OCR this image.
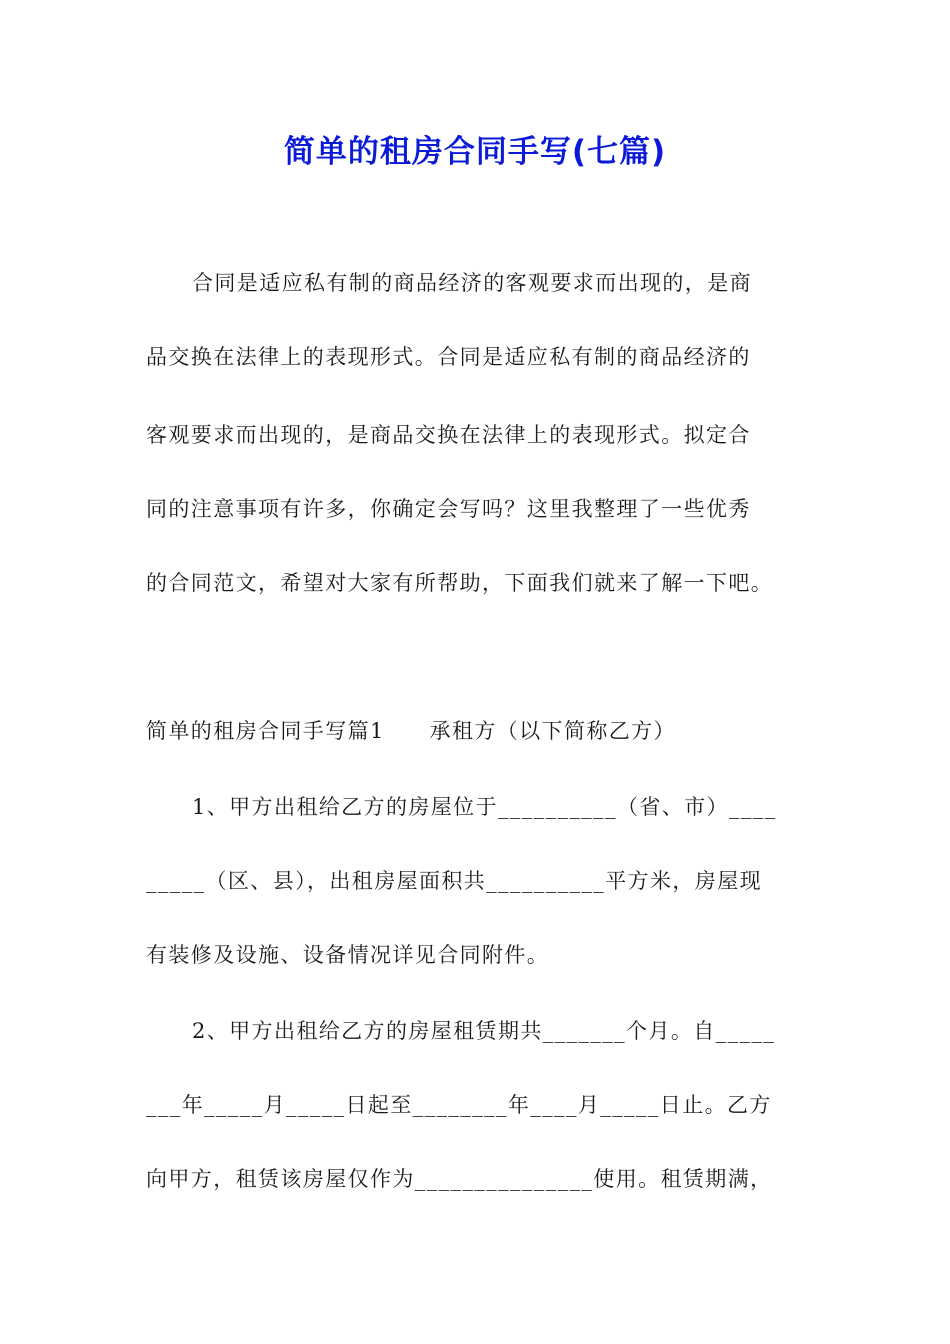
简单的租房合同手写(七篇)
合同是适应私有制的商品经济的客观要求而出现的，是商
品交换在法律上的表现形式。合同是适应私有制的商品经济的
客观要求而出现的，是商品交换在法律上的表现形式。拟定合
同的注意事项有许多，你确定会写吗？这里我整理了一些优秀
的合同范文，希望对大家有所帮助，下面我们就来了解一下吧。
简单的租房合同手写篇1　　承租方（以下简称乙方）
1、甲方出租给乙方的房屋位于__________（省、市）____
_____（区、县），出租房屋面积共__________平方米，房屋现
有装修及设施、设备情况详见合同附件。
2、甲方出租给乙方的房屋租赁期共_______个月。自_____
___年_____月_____日起至________年____月_____日止。乙方
向甲方，租赁该房屋仅作为_______________使用。租赁期满，
